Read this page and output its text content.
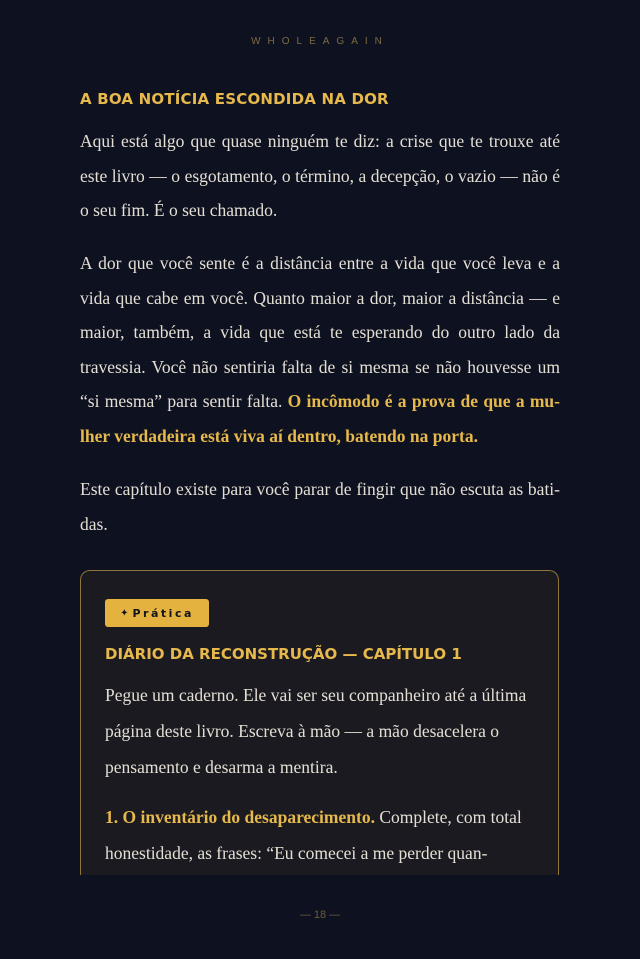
WHOLEAGAIN

A BOA NOTÍCIA ESCONDIDA NA DOR

Aqui está algo que quase ninguém te diz: a crise que te trouxe até este livro — o esgotamento, o término, a decepção, o vazio — não é o seu fim. É o seu chamado.

A dor que você sente é a distância entre a vida que você leva e a vida que cabe em você. Quanto maior a dor, maior a distância — e maior, também, a vida que está te esperando do outro lado da travessia. Você não sentiria falta de si mesma se não houvesse um “si mesma” para sentir falta. O incômodo é a prova de que a mulher verdadeira está viva aí dentro, batendo na porta.

Este capítulo existe para você parar de fingir que não escuta as batidas.

✦ Prática
DIÁRIO DA RECONSTRUÇÃO — CAPÍTULO 1

Pegue um caderno. Ele vai ser seu companheiro até a última página deste livro. Escreva à mão — a mão desacelera o pensamento e desarma a mentira.

1. O inventário do desaparecimento. Complete, com total honestidade, as frases: “Eu comecei a me perder quan-

— 18 —
